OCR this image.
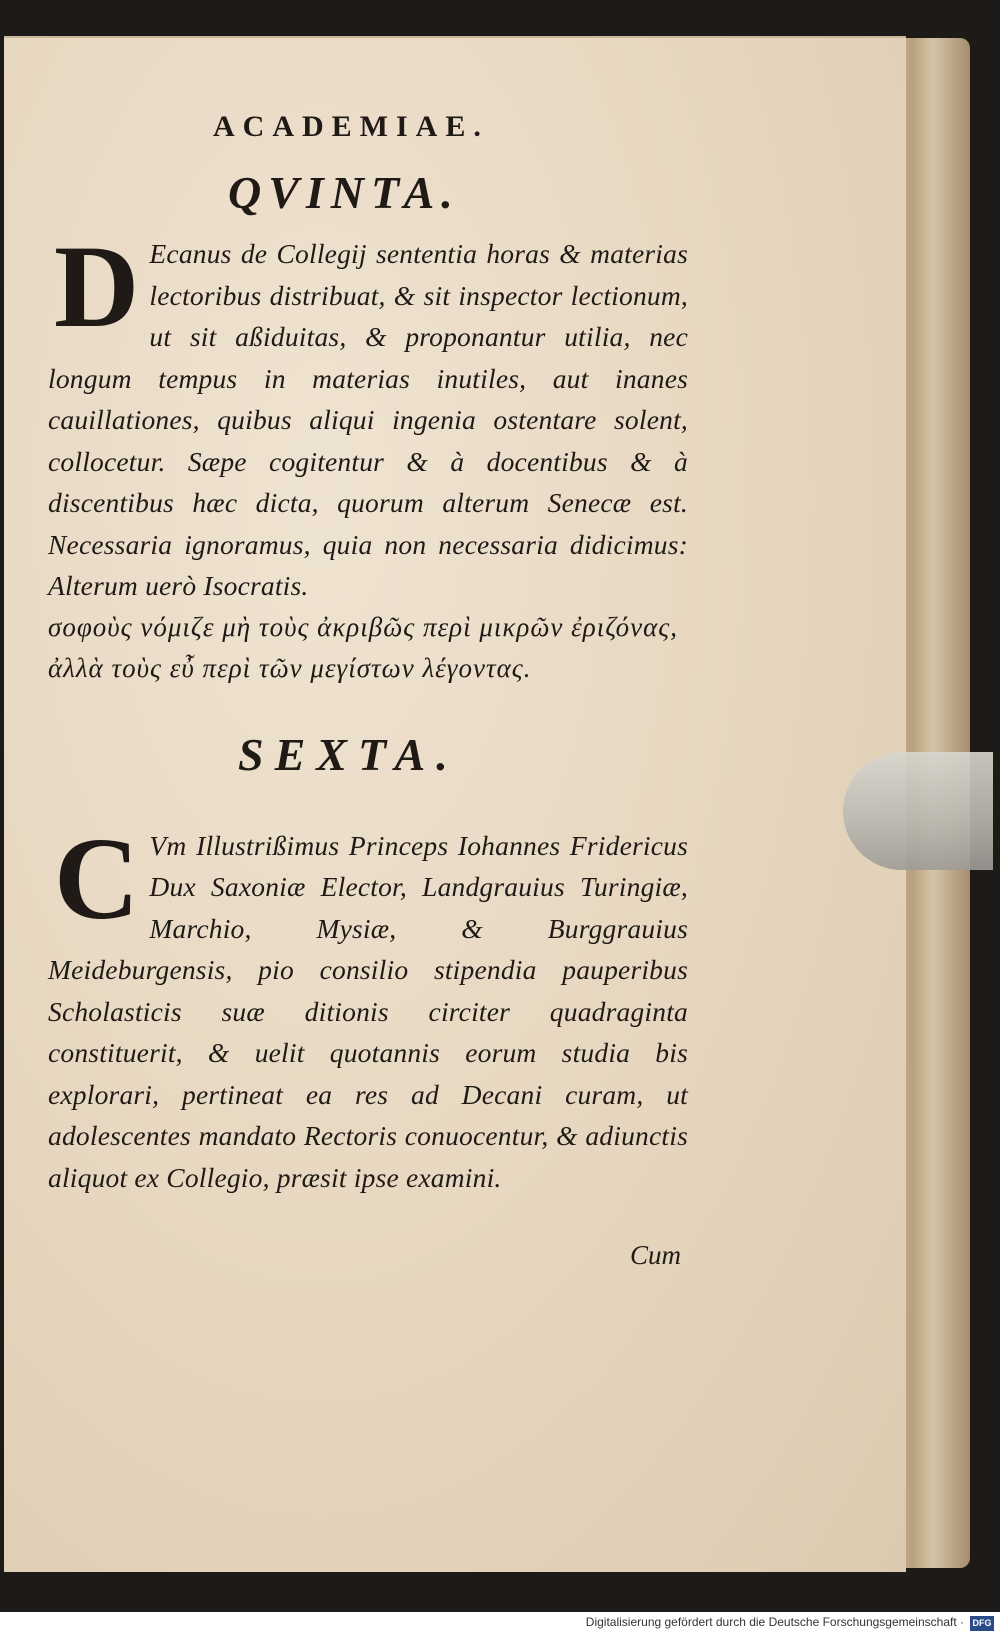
ACADEMIAE.
QVINTA.

D Ecanus de Collegij sententia horas & materias lectoribus distribuat, & sit inspector lectionum, ut sit aßiduitas, & proponantur utilia, nec longum tempus in materias inutiles, aut inanes cauillationes, quibus aliqui ingenia ostentare solent, collocetur. Sæpe cogitentur & à docentibus & à discentibus hæc dicta, quorum alterum Senecæ est. Necessaria ignoramus, quia non necessaria didicimus: Alterum uerò Isocratis.

σοφοὺς νόμιζε μὴ τοὺς ἀκριβῶς περὶ μικρῶν ἐριζόνας, ἀλλὰ τοὺς εὖ περὶ τῶν μεγίστων λέγοντας.

SEXTA.

C Vm Illustrißimus Princeps Iohannes Fridericus Dux Saxoniæ Elector, Landgrauius Turingiæ, Marchio, Mysiæ, & Burggrauius Meideburgensis, pio consilio stipendia pauperibus Scholasticis suæ ditionis circiter quadraginta constituerit, & uelit quotannis eorum studia bis explorari, pertineat ea res ad Decani curam, ut adolescentes mandato Rectoris conuocentur, & adiunctis aliquot ex Collegio, præsit ipse examini.

Cum
Digitalisierung gefördert durch die Deutsche Forschungsgemeinschaft · DFG
